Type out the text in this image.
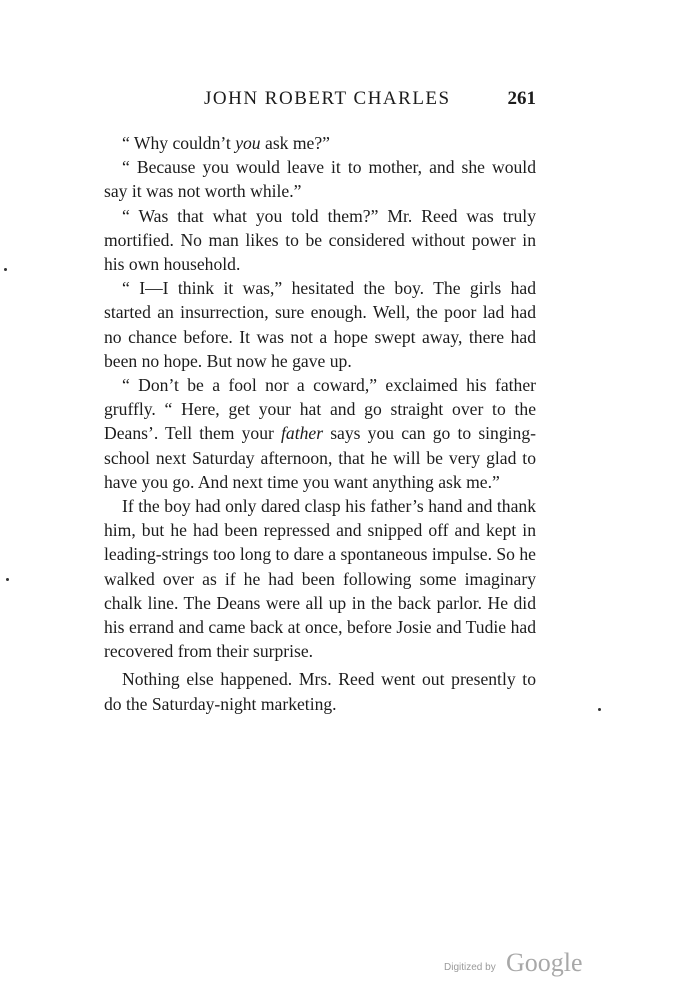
JOHN ROBERT CHARLES	261

“ Why couldn’t you ask me?”

“ Because you would leave it to mother, and she would say it was not worth while.”

“ Was that what you told them?” Mr. Reed was truly mortified. No man likes to be considered without power in his own household.

“ I—I think it was,” hesitated the boy. The girls had started an insurrection, sure enough. Well, the poor lad had no chance before. It was not a hope swept away, there had been no hope. But now he gave up.

“ Don’t be a fool nor a coward,” exclaimed his father gruffly. “ Here, get your hat and go straight over to the Deans’. Tell them your father says you can go to singing-school next Saturday afternoon, that he will be very glad to have you go. And next time you want anything ask me.”

If the boy had only dared clasp his father’s hand and thank him, but he had been repressed and snipped off and kept in leading-strings too long to dare a spontaneous impulse. So he walked over as if he had been following some imaginary chalk line. The Deans were all up in the back parlor. He did his errand and came back at once, before Josie and Tudie had recovered from their surprise.

Nothing else happened. Mrs. Reed went out presently to do the Saturday-night marketing.

Digitized by Google
